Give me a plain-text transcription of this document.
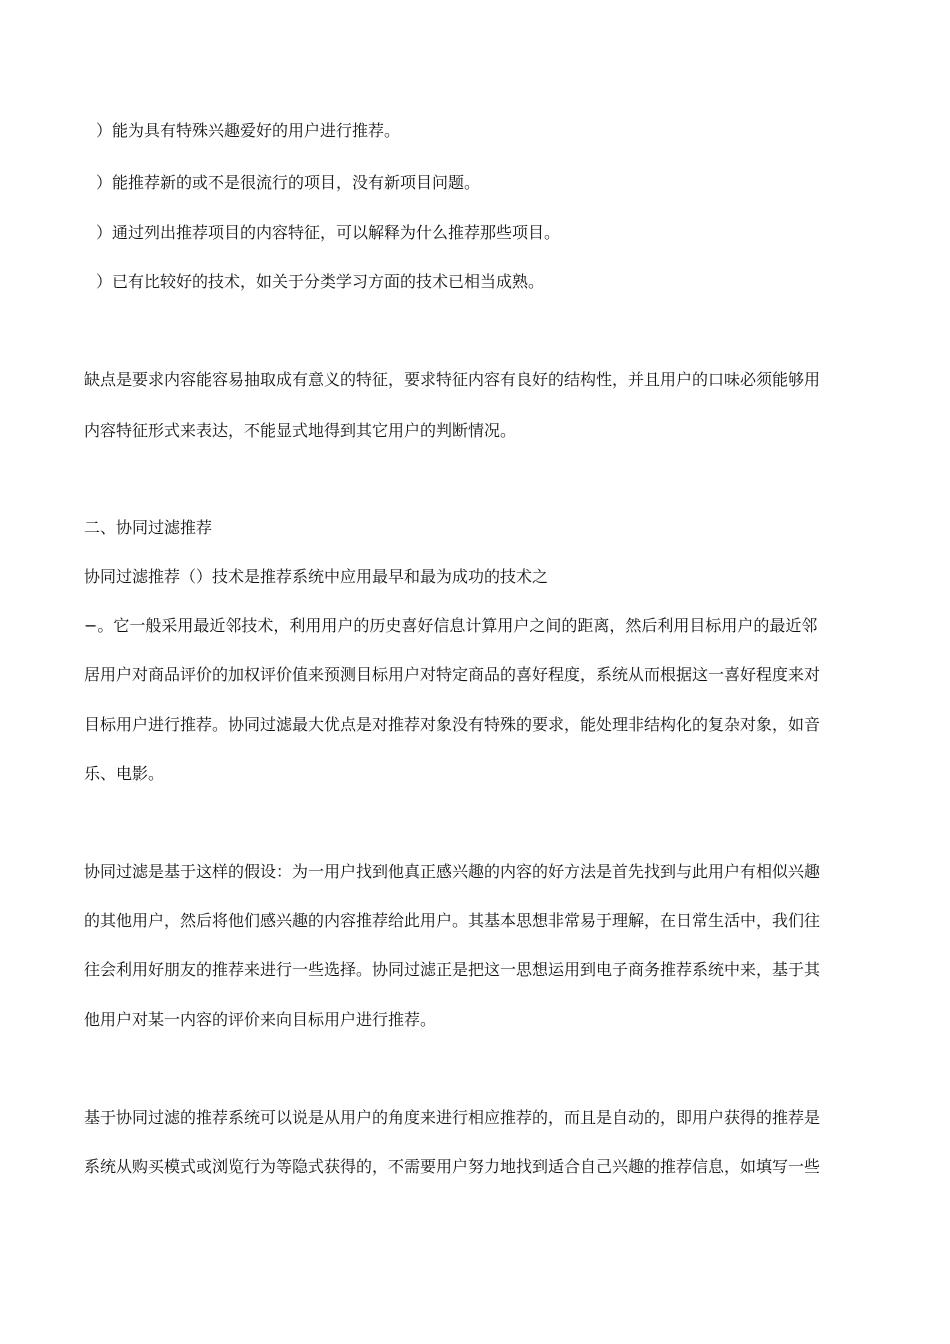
）能为具有特殊兴趣爱好的用户进行推荐。
）能推荐新的或不是很流行的项目，没有新项目问题。
）通过列出推荐项目的内容特征，可以解释为什么推荐那些项目。
）已有比较好的技术，如关于分类学习方面的技术已相当成熟。
缺点是要求内容能容易抽取成有意义的特征，要求特征内容有良好的结构性，并且用户的口味必须能够用
内容特征形式来表达，不能显式地得到其它用户的判断情况。
二、协同过滤推荐
协同过滤推荐（）技术是推荐系统中应用最早和最为成功的技术之
−。它一般采用最近邻技术，利用用户的历史喜好信息计算用户之间的距离，然后利用目标用户的最近邻
居用户对商品评价的加权评价值来预测目标用户对特定商品的喜好程度，系统从而根据这一喜好程度来对
目标用户进行推荐。协同过滤最大优点是对推荐对象没有特殊的要求，能处理非结构化的复杂对象，如音
乐、电影。
协同过滤是基于这样的假设：为一用户找到他真正感兴趣的内容的好方法是首先找到与此用户有相似兴趣
的其他用户，然后将他们感兴趣的内容推荐给此用户。其基本思想非常易于理解，在日常生活中，我们往
往会利用好朋友的推荐来进行一些选择。协同过滤正是把这一思想运用到电子商务推荐系统中来，基于其
他用户对某一内容的评价来向目标用户进行推荐。
基于协同过滤的推荐系统可以说是从用户的角度来进行相应推荐的，而且是自动的，即用户获得的推荐是
系统从购买模式或浏览行为等隐式获得的，不需要用户努力地找到适合自己兴趣的推荐信息，如填写一些
